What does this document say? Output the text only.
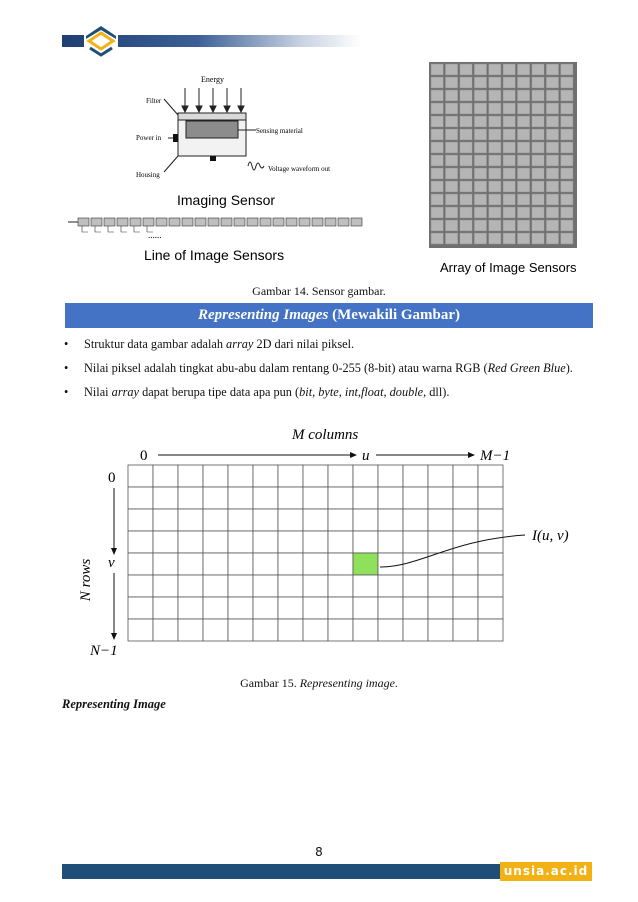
Energy
Filter
Power in
Sensing material
Housing
Voltage waveform out
Imaging Sensor
......
Line of Image Sensors
Array of Image Sensors
Gambar 14. Sensor gambar.
Representing Images (Mewakili Gambar)
• Struktur data gambar adalah array 2D dari nilai piksel.
• Nilai piksel adalah tingkat abu-abu dalam rentang 0-255 (8-bit) atau warna RGB (Red Green Blue).
• Nilai array dapat berupa tipe data apa pun (bit, byte, int,float, double, dll).
M columns
0	u	M−1
0
N rows v
N−1
I(u, v)
Gambar 15. Representing image.
Representing Image
8
unsia.ac.id
